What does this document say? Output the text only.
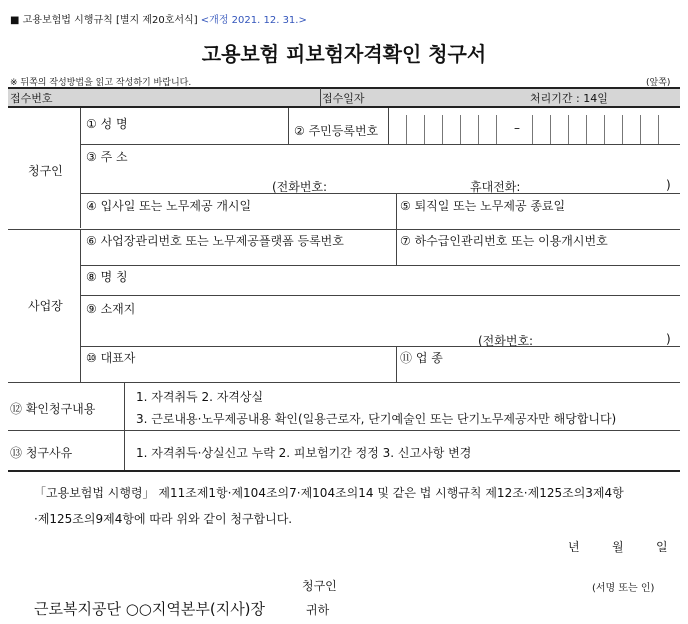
■ 고용보험법 시행규칙 [별지 제20호서식] <개정 2021. 12. 31.>
고용보험 피보험자격확인 청구서
※ 뒤쪽의 작성방법을 읽고 작성하기 바랍니다.	(앞쪽)
접수번호	접수일자	처리기간 : 14일
청구인
① 성 명	② 주민등록번호	–
③ 주 소
(전화번호:	휴대전화:	)
④ 입사일 또는 노무제공 개시일	⑤ 퇴직일 또는 노무제공 종료일
사업장
⑥ 사업장관리번호 또는 노무제공플랫폼 등록번호	⑦ 하수급인관리번호 또는 이용개시번호
⑧ 명 칭
⑨ 소재지
(전화번호:	)
⑩ 대표자	⑪ 업 종
⑫ 확인청구내용
1. 자격취득 2. 자격상실
3. 근로내용·노무제공내용 확인(일용근로자, 단기예술인 또는 단기노무제공자만 해당합니다)
⑬ 청구사유	1. 자격취득·상실신고 누락 2. 피보험기간 정정 3. 신고사항 변경
「고용보험법 시행령」 제11조제1항·제104조의7·제104조의14 및 같은 법 시행규칙 제12조·제125조의3제4항
·제125조의9제4항에 따라 위와 같이 청구합니다.
년	월	일
청구인	(서명 또는 인)
근로복지공단 ○○지역본부(지사)장	귀하
